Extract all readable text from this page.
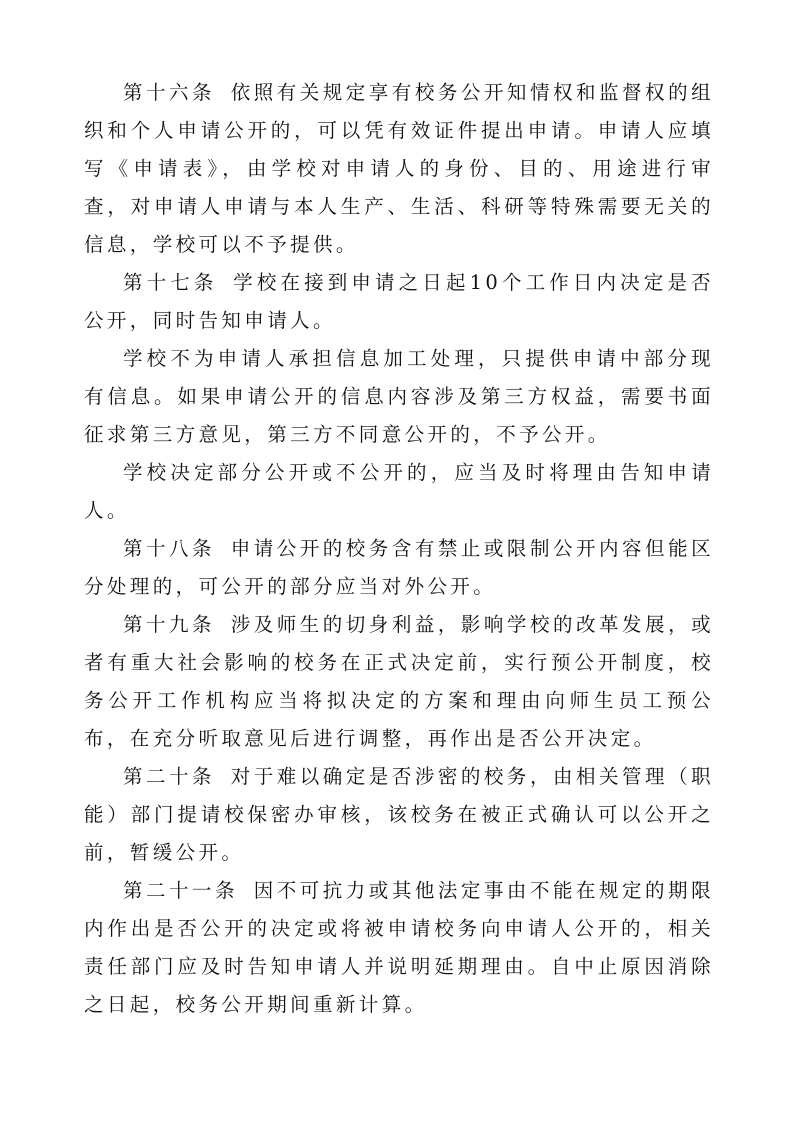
第十六条 依照有关规定享有校务公开知情权和监督权的组织和个人申请公开的，可以凭有效证件提出申请。申请人应填写《申请表》，由学校对申请人的身份、目的、用途进行审查，对申请人申请与本人生产、生活、科研等特殊需要无关的信息，学校可以不予提供。

第十七条 学校在接到申请之日起10个工作日内决定是否公开，同时告知申请人。

学校不为申请人承担信息加工处理，只提供申请中部分现有信息。如果申请公开的信息内容涉及第三方权益，需要书面征求第三方意见，第三方不同意公开的，不予公开。

学校决定部分公开或不公开的，应当及时将理由告知申请人。

第十八条 申请公开的校务含有禁止或限制公开内容但能区分处理的，可公开的部分应当对外公开。

第十九条 涉及师生的切身利益，影响学校的改革发展，或者有重大社会影响的校务在正式决定前，实行预公开制度，校务公开工作机构应当将拟决定的方案和理由向师生员工预公布，在充分听取意见后进行调整，再作出是否公开决定。

第二十条 对于难以确定是否涉密的校务，由相关管理（职能）部门提请校保密办审核，该校务在被正式确认可以公开之前，暂缓公开。

第二十一条 因不可抗力或其他法定事由不能在规定的期限内作出是否公开的决定或将被申请校务向申请人公开的，相关责任部门应及时告知申请人并说明延期理由。自中止原因消除之日起，校务公开期间重新计算。
